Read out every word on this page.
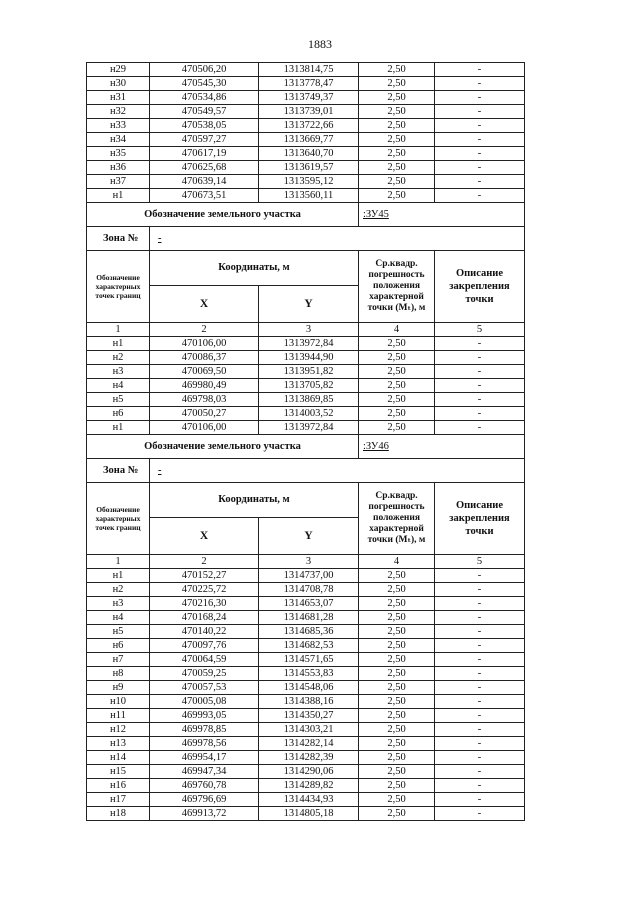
1883
н29	470506,20	1313814,75	2,50	-
н30	470545,30	1313778,47	2,50	-
н31	470534,86	1313749,37	2,50	-
н32	470549,57	1313739,01	2,50	-
н33	470538,05	1313722,66	2,50	-
н34	470597,27	1313669,77	2,50	-
н35	470617,19	1313640,70	2,50	-
н36	470625,68	1313619,57	2,50	-
н37	470639,14	1313595,12	2,50	-
н1	470673,51	1313560,11	2,50	-
Обозначение земельного участка			:ЗУ45	
Зона №	-			
Обозначение характерных точек границ	Координаты, м		Ср.квадр. погрешность положения характерной точки (Mₜ), м	Описание закрепления точки
	X	Y		
1	2	3	4	5
н1	470106,00	1313972,84	2,50	-
н2	470086,37	1313944,90	2,50	-
н3	470069,50	1313951,82	2,50	-
н4	469980,49	1313705,82	2,50	-
н5	469798,03	1313869,85	2,50	-
н6	470050,27	1314003,52	2,50	-
н1	470106,00	1313972,84	2,50	-
Обозначение земельного участка			:ЗУ46	
Зона №	-			
Обозначение характерных точек границ	Координаты, м		Ср.квадр. погрешность положения характерной точки (Mₜ), м	Описание закрепления точки
	X	Y		
1	2	3	4	5
н1	470152,27	1314737,00	2,50	-
н2	470225,72	1314708,78	2,50	-
н3	470216,30	1314653,07	2,50	-
н4	470168,24	1314681,28	2,50	-
н5	470140,22	1314685,36	2,50	-
н6	470097,76	1314682,53	2,50	-
н7	470064,59	1314571,65	2,50	-
н8	470059,25	1314553,83	2,50	-
н9	470057,53	1314548,06	2,50	-
н10	470005,08	1314388,16	2,50	-
н11	469993,05	1314350,27	2,50	-
н12	469978,85	1314303,21	2,50	-
н13	469978,56	1314282,14	2,50	-
н14	469954,17	1314282,39	2,50	-
н15	469947,34	1314290,06	2,50	-
н16	469760,78	1314289,82	2,50	-
н17	469796,69	1314434,93	2,50	-
н18	469913,72	1314805,18	2,50	-
